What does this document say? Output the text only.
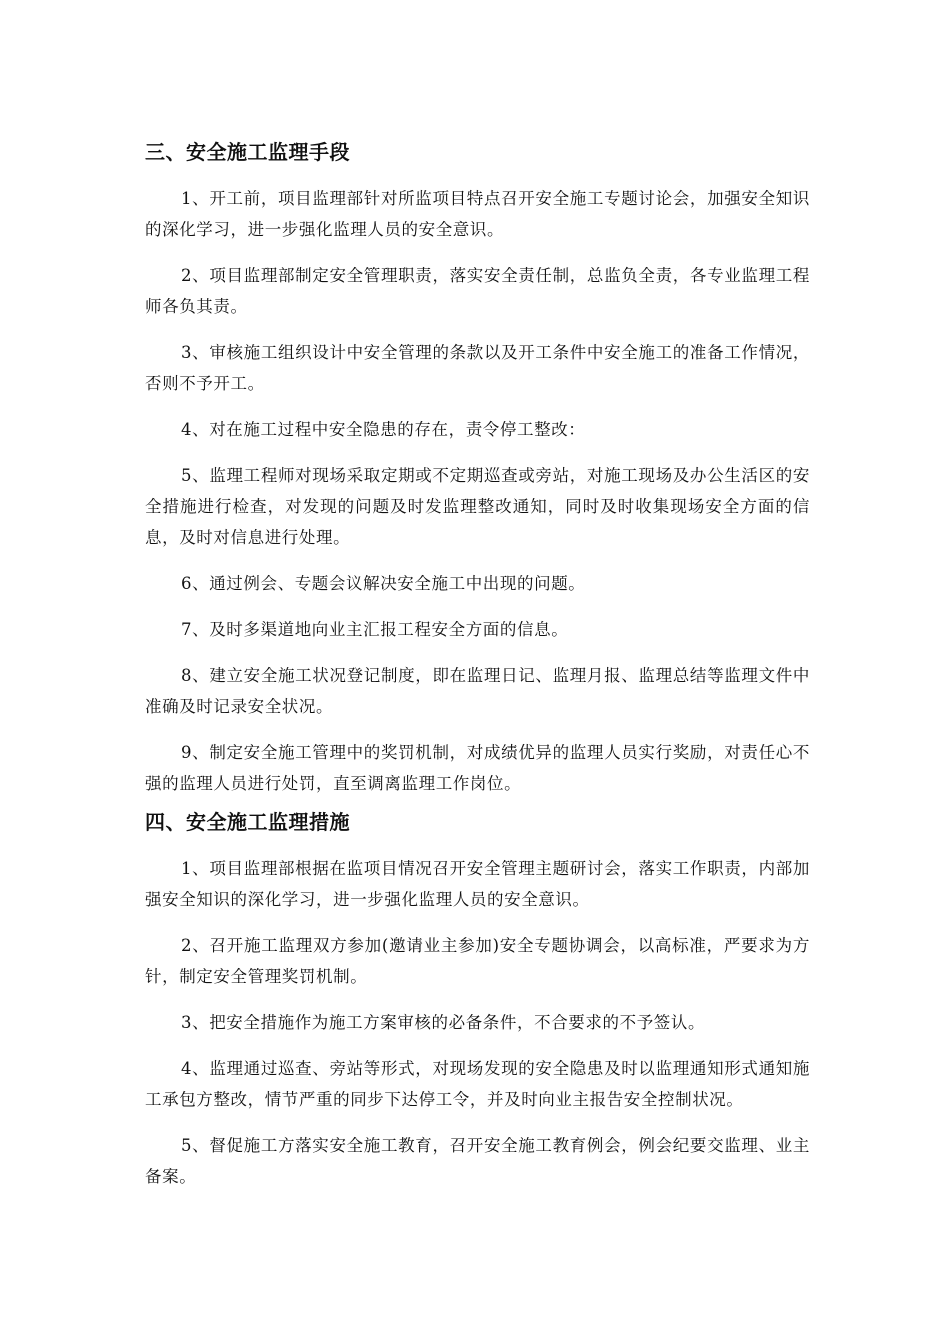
三、安全施工监理手段

1、开工前，项目监理部针对所监项目特点召开安全施工专题讨论会，加强安全知识的深化学习，进一步强化监理人员的安全意识。

2、项目监理部制定安全管理职责，落实安全责任制，总监负全责，各专业监理工程师各负其责。

3、审核施工组织设计中安全管理的条款以及开工条件中安全施工的准备工作情况，否则不予开工。

4、对在施工过程中安全隐患的存在，责令停工整改：

5、监理工程师对现场采取定期或不定期巡查或旁站，对施工现场及办公生活区的安全措施进行检查，对发现的问题及时发监理整改通知，同时及时收集现场安全方面的信息，及时对信息进行处理。

6、通过例会、专题会议解决安全施工中出现的问题。

7、及时多渠道地向业主汇报工程安全方面的信息。

8、建立安全施工状况登记制度，即在监理日记、监理月报、监理总结等监理文件中准确及时记录安全状况。

9、制定安全施工管理中的奖罚机制，对成绩优异的监理人员实行奖励，对责任心不强的监理人员进行处罚，直至调离监理工作岗位。

四、安全施工监理措施

1、项目监理部根据在监项目情况召开安全管理主题研讨会，落实工作职责，内部加强安全知识的深化学习，进一步强化监理人员的安全意识。

2、召开施工监理双方参加(邀请业主参加)安全专题协调会，以高标准，严要求为方针，制定安全管理奖罚机制。

3、把安全措施作为施工方案审核的必备条件，不合要求的不予签认。

4、监理通过巡查、旁站等形式，对现场发现的安全隐患及时以监理通知形式通知施工承包方整改，情节严重的同步下达停工令，并及时向业主报告安全控制状况。

5、督促施工方落实安全施工教育，召开安全施工教育例会，例会纪要交监理、业主备案。
